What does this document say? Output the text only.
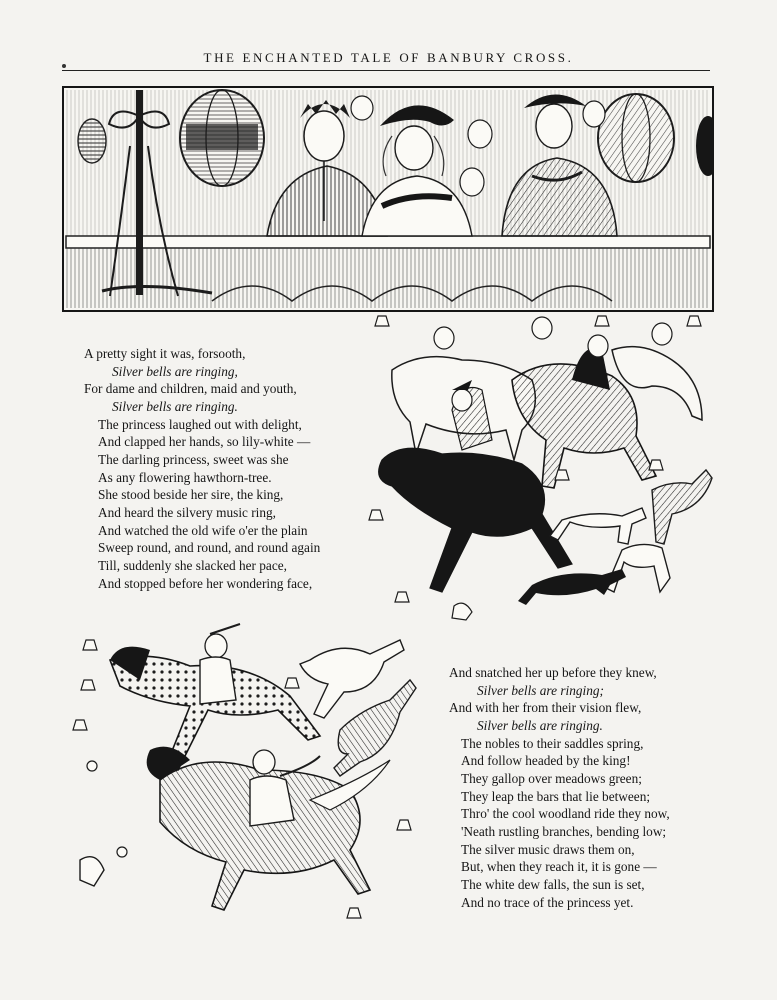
THE ENCHANTED TALE OF BANBURY CROSS.
A pretty sight it was, forsooth,
Silver bells are ringing,
For dame and children, maid and youth,
Silver bells are ringing.
The princess laughed out with delight,
And clapped her hands, so lily-white —
The darling princess, sweet was she
As any flowering hawthorn-tree.
She stood beside her sire, the king,
And heard the silvery music ring,
And watched the old wife o'er the plain
Sweep round, and round, and round again
Till, suddenly she slacked her pace,
And stopped before her wondering face,
And snatched her up before they knew,
Silver bells are ringing;
And with her from their vision flew,
Silver bells are ringing.
The nobles to their saddles spring,
And follow headed by the king!
They gallop over meadows green;
They leap the bars that lie between;
Thro' the cool woodland ride they now,
'Neath rustling branches, bending low;
The silver music draws them on,
But, when they reach it, it is gone —
The white dew falls, the sun is set,
And no trace of the princess yet.
